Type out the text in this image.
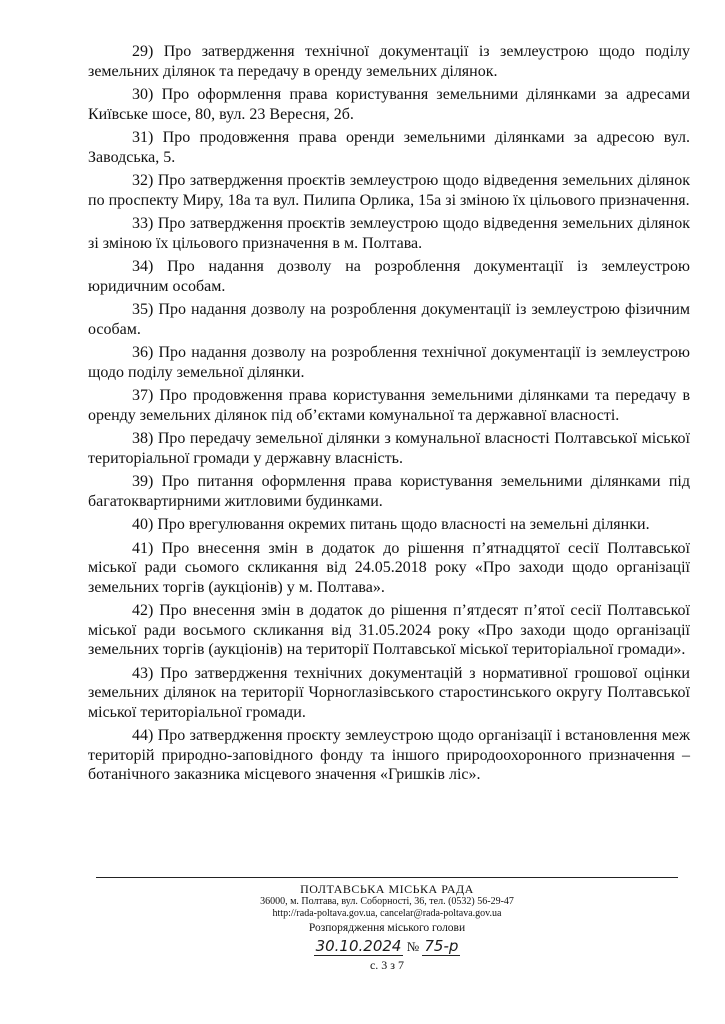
29) Про затвердження технічної документації із землеустрою щодо поділу земельних ділянок та передачу в оренду земельних ділянок.

30) Про оформлення права користування земельними ділянками за адресами Київське шосе, 80, вул. 23 Вересня, 2б.

31) Про продовження права оренди земельними ділянками за адресою вул. Заводська, 5.

32) Про затвердження проєктів землеустрою щодо відведення земельних ділянок по проспекту Миру, 18а та вул. Пилипа Орлика, 15а зі зміною їх цільового призначення.

33) Про затвердження проєктів землеустрою щодо відведення земельних ділянок зі зміною їх цільового призначення в м. Полтава.

34) Про надання дозволу на розроблення документації із землеустрою юридичним особам.

35) Про надання дозволу на розроблення документації із землеустрою фізичним особам.

36) Про надання дозволу на розроблення технічної документації із землеустрою щодо поділу земельної ділянки.

37) Про продовження права користування земельними ділянками та передачу в оренду земельних ділянок під об’єктами комунальної та державної власності.

38) Про передачу земельної ділянки з комунальної власності Полтавської міської територіальної громади у державну власність.

39) Про питання оформлення права користування земельними ділянками під багатоквартирними житловими будинками.

40) Про врегулювання окремих питань щодо власності на земельні ділянки.

41) Про внесення змін в додаток до рішення п’ятнадцятої сесії Полтавської міської ради сьомого скликання від 24.05.2018 року «Про заходи щодо організації земельних торгів (аукціонів) у м. Полтава».

42) Про внесення змін в додаток до рішення п’ятдесят п’ятої сесії Полтавської міської ради восьмого скликання від 31.05.2024 року «Про заходи щодо організації земельних торгів (аукціонів) на території Полтавської міської територіальної громади».

43) Про затвердження технічних документацій з нормативної грошової оцінки земельних ділянок на території Чорноглазівського старостинського округу Полтавської міської територіальної громади.

44) Про затвердження проєкту землеустрою щодо організації і встановлення меж територій природно-заповідного фонду та іншого природоохоронного призначення – ботанічного заказника місцевого значення «Гришків ліс».

ПОЛТАВСЬКА МІСЬКА РАДА
36000, м. Полтава, вул. Соборності, 36, тел. (0532) 56-29-47
http://rada-poltava.gov.ua, cancelar@rada-poltava.gov.ua
Розпорядження міського голови
30.10.2024 № 75-р
с. 3 з 7
